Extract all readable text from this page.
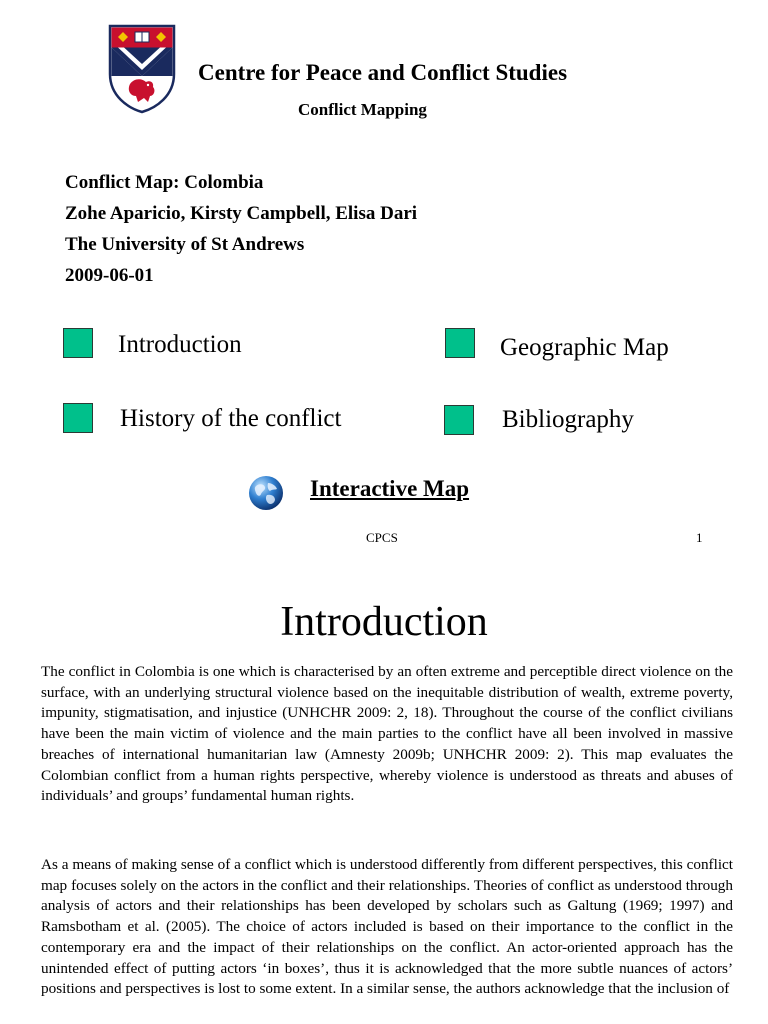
Centre for Peace and Conflict Studies
Conflict Mapping
Conflict Map: Colombia
Zohe Aparicio, Kirsty Campbell, Elisa Dari
The University of St Andrews
2009-06-01
Introduction	Geographic Map
History of the conflict	Bibliography
Interactive Map
CPCS	1
Introduction

The conflict in Colombia is one which is characterised by an often extreme and perceptible direct violence on the surface, with an underlying structural violence based on the inequitable distribution of wealth, extreme poverty, impunity, stigmatisation, and injustice (UNHCHR 2009: 2, 18). Throughout the course of the conflict civilians have been the main victim of violence and the main parties to the conflict have all been involved in massive breaches of international humanitarian law (Amnesty 2009b; UNHCHR 2009: 2). This map evaluates the Colombian conflict from a human rights perspective, whereby violence is understood as threats and abuses of individuals’ and groups’ fundamental human rights.

As a means of making sense of a conflict which is understood differently from different perspectives, this conflict map focuses solely on the actors in the conflict and their relationships. Theories of conflict as understood through analysis of actors and their relationships has been developed by scholars such as Galtung (1969; 1997) and Ramsbotham et al. (2005). The choice of actors included is based on their importance to the conflict in the contemporary era and the impact of their relationships on the conflict. An actor-oriented approach has the unintended effect of putting actors ‘in boxes’, thus it is acknowledged that the more subtle nuances of actors’ positions and perspectives is lost to some extent. In a similar sense, the authors acknowledge that the inclusion of
